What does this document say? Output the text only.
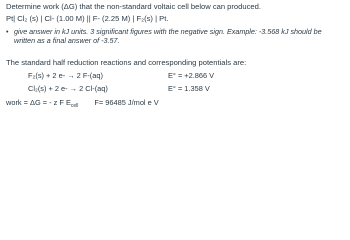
Determine work (ΔG) that the non-standard voltaic cell below can produced.
Pt| Cl₂ (s) | Cl- (1.00 M) || F- (2.25 M) | F₂(s) | Pt.
• give answer in kJ units. 3 significant figures with the negative sign. Example: -3.568 kJ should be written as a final answer of -3.57.
The standard half reduction reactions and corresponding potentials are:
F₂(s) + 2 e- → 2 F-(aq)	E° = +2.866 V
Cl₂(s) + 2 e- → 2 Cl-(aq)	E° = 1.358 V
work = ΔG = - z F $E_{cell}$ F= 96485 J/mol e V
